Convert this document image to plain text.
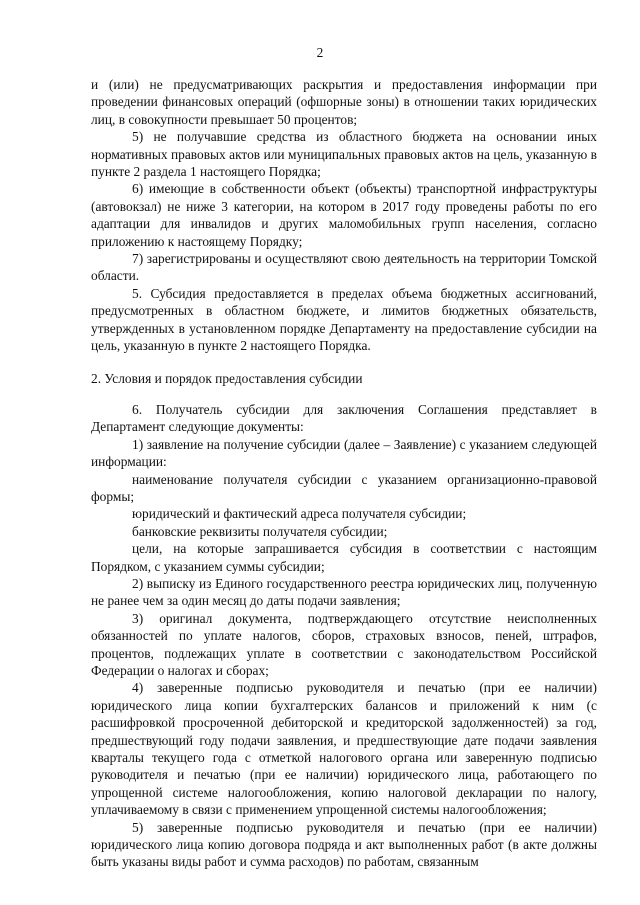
2

и (или) не предусматривающих раскрытия и предоставления информации при проведении финансовых операций (офшорные зоны) в отношении таких юридических лиц, в совокупности превышает 50 процентов;

5) не получавшие средства из областного бюджета на основании иных нормативных правовых актов или муниципальных правовых актов на цель, указанную в пункте 2 раздела 1 настоящего Порядка;

6) имеющие в собственности объект (объекты) транспортной инфраструктуры (автовокзал) не ниже 3 категории, на котором в 2017 году проведены работы по его адаптации для инвалидов и других маломобильных групп населения, согласно приложению к настоящему Порядку;

7) зарегистрированы и осуществляют свою деятельность на территории Томской области.

5. Субсидия предоставляется в пределах объема бюджетных ассигнований, предусмотренных в областном бюджете, и лимитов бюджетных обязательств, утвержденных в установленном порядке Департаменту на предоставление субсидии на цель, указанную в пункте 2 настоящего Порядка.

2. Условия и порядок предоставления субсидии

6. Получатель субсидии для заключения Соглашения представляет в Департамент следующие документы:

1) заявление на получение субсидии (далее – Заявление) с указанием следующей информации:

наименование получателя субсидии с указанием организационно-правовой формы;

юридический и фактический адреса получателя субсидии;

банковские реквизиты получателя субсидии;

цели, на которые запрашивается субсидия в соответствии с настоящим Порядком, с указанием суммы субсидии;

2) выписку из Единого государственного реестра юридических лиц, полученную не ранее чем за один месяц до даты подачи заявления;

3) оригинал документа, подтверждающего отсутствие неисполненных обязанностей по уплате налогов, сборов, страховых взносов, пеней, штрафов, процентов, подлежащих уплате в соответствии с законодательством Российской Федерации о налогах и сборах;

4) заверенные подписью руководителя и печатью (при ее наличии) юридического лица копии бухгалтерских балансов и приложений к ним (с расшифровкой просроченной дебиторской и кредиторской задолженностей) за год, предшествующий году подачи заявления, и предшествующие дате подачи заявления кварталы текущего года с отметкой налогового органа или заверенную подписью руководителя и печатью (при ее наличии) юридического лица, работающего по упрощенной системе налогообложения, копию налоговой декларации по налогу, уплачиваемому в связи с применением упрощенной системы налогообложения;

5) заверенные подписью руководителя и печатью (при ее наличии) юридического лица копию договора подряда и акт выполненных работ (в акте должны быть указаны виды работ и сумма расходов) по работам, связанным
